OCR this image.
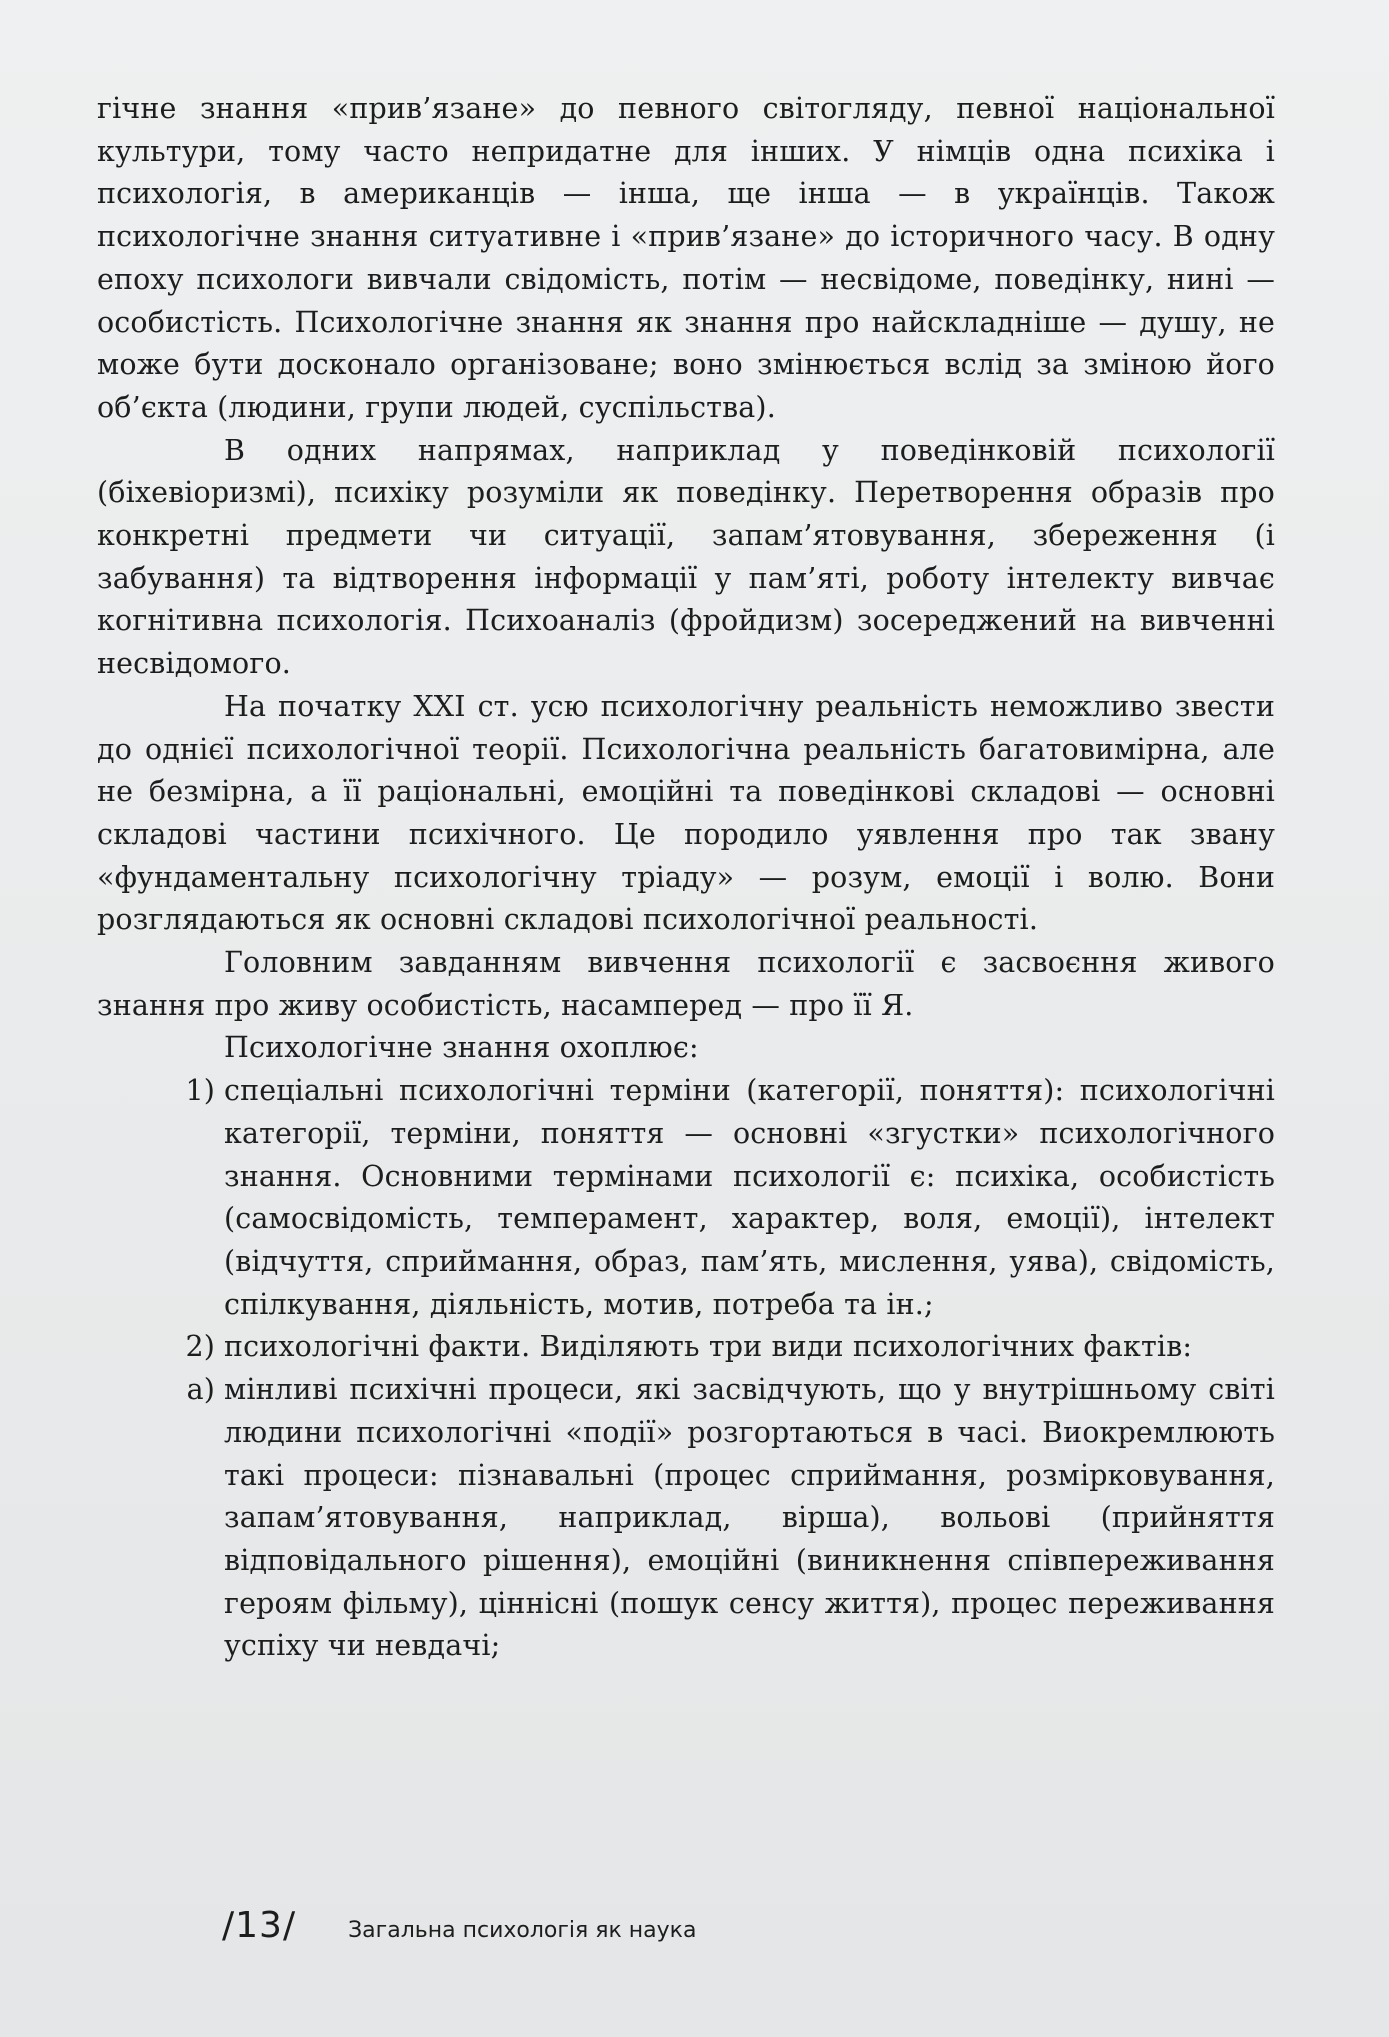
гічне знання «прив’язане» до певного світогляду, певної національної культури, тому часто непридатне для інших. У німців одна психіка і психологія, в американців — інша, ще інша — в українців. Також психологічне знання ситуативне і «прив’язане» до історичного часу. В одну епоху психологи вивчали свідомість, потім — несвідоме, поведінку, нині — особистість. Психологічне знання як знання про найскладніше — душу, не може бути досконало організоване; воно змінюється вслід за зміною його об’єкта (людини, групи людей, суспільства).

В одних напрямах, наприклад у поведінковій психології (біхевіоризмі), психіку розуміли як поведінку. Перетворення образів про конкретні предмети чи ситуації, запам’ятовування, збереження (і забування) та відтворення інформації у пам’яті, роботу інтелекту вивчає когнітивна психологія. Психоаналіз (фройдизм) зосереджений на вивченні несвідомого.

На початку XXI ст. усю психологічну реальність неможливо звести до однієї психологічної теорії. Психологічна реальність багатовимірна, але не безмірна, а її раціональні, емоційні та поведінкові складові — основні складові частини психічного. Це породило уявлення про так звану «фундаментальну психологічну тріаду» — розум, емоції і волю. Вони розглядаються як основні складові психологічної реальності.

Головним завданням вивчення психології є засвоєння живого знання про живу особистість, насамперед — про її Я.

Психологічне знання охоплює:

1) спеціальні психологічні терміни (категорії, поняття): психологічні категорії, терміни, поняття — основні «згустки» психологічного знання. Основними термінами психології є: психіка, особистість (самосвідомість, темперамент, характер, воля, емоції), інтелект (відчуття, сприймання, образ, пам’ять, мислення, уява), свідомість, спілкування, діяльність, мотив, потреба та ін.;
2) психологічні факти. Виділяють три види психологічних фактів:
а) мінливі психічні процеси, які засвідчують, що у внутрішньому світі людини психологічні «події» розгортаються в часі. Виокремлюють такі процеси: пізнавальні (процес сприймання, розмірковування, запам’ятовування, наприклад, вірша), вольові (прийняття відповідального рішення), емоційні (виникнення співпереживання героям фільму), ціннісні (пошук сенсу життя), процес переживання успіху чи невдачі;
/13/ Загальна психологія як наука
